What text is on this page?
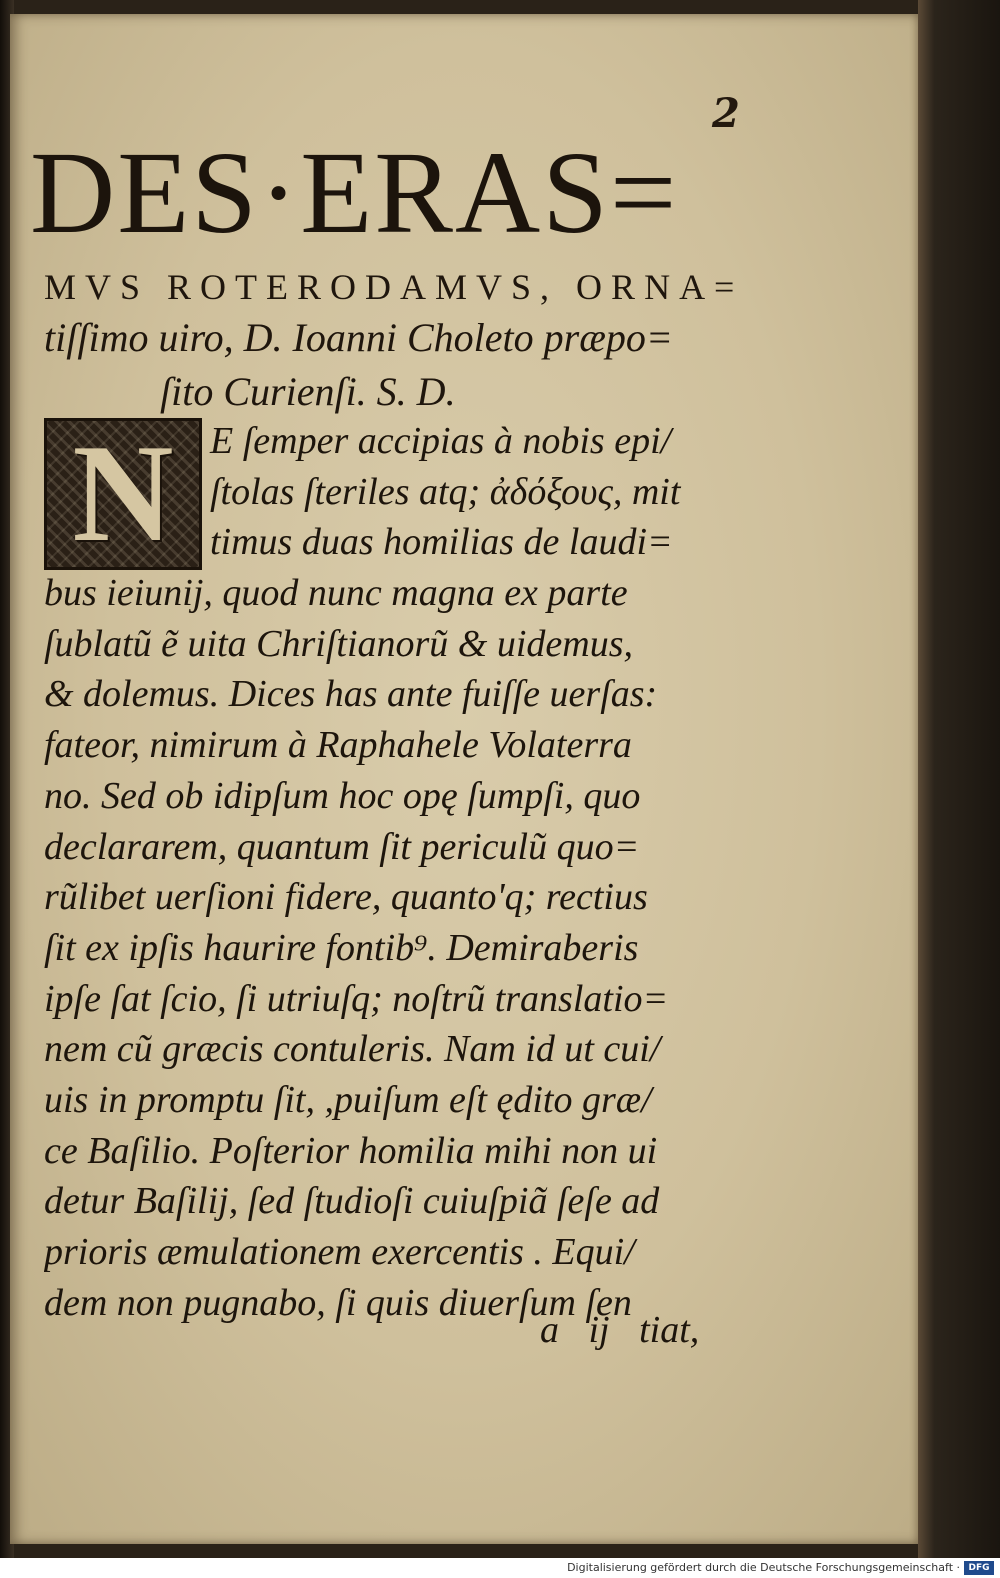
2
DES·ERAS=
MVS ROTERODAMVS, ORNA=
tiſſimo uiro, D. Ioanni Choleto præpo=
ſito Curienſi. S. D.
N E ſemper accipias à nobis epi/
ſtolas ſteriles atq; ἀδόξους, mit
timus duas homilias de laudi=
bus ieiunij, quod nunc magna ex parte
ſublatũ ẽ uita Chriſtianorũ & uidemus,
& dolemus. Dices has ante fuiſſe uerſas:
fateor, nimirum à Raphahele Volaterra
no. Sed ob idipſum hoc opę ſumpſi, quo
declararem, quantum ſit periculũ quo=
rũlibet uerſioni fidere, quanto'q; rectius
ſit ex ipſis haurire fontib⁹. Demiraberis
ipſe ſat ſcio, ſi utriuſq; noſtrũ translatio=
nem cũ græcis contuleris. Nam id ut cui/
uis in promptu ſit, ,puiſum eſt ędito græ/
ce Baſilio. Poſterior homilia mihi non ui
detur Baſilij, ſed ſtudioſi cuiuſpiã ſeſe ad
prioris æmulationem exercentis . Equi/
dem non pugnabo, ſi quis diuerſum ſen
a ij tiat,
Digitalisierung gefördert durch die Deutsche Forschungsgemeinschaft · DFG
